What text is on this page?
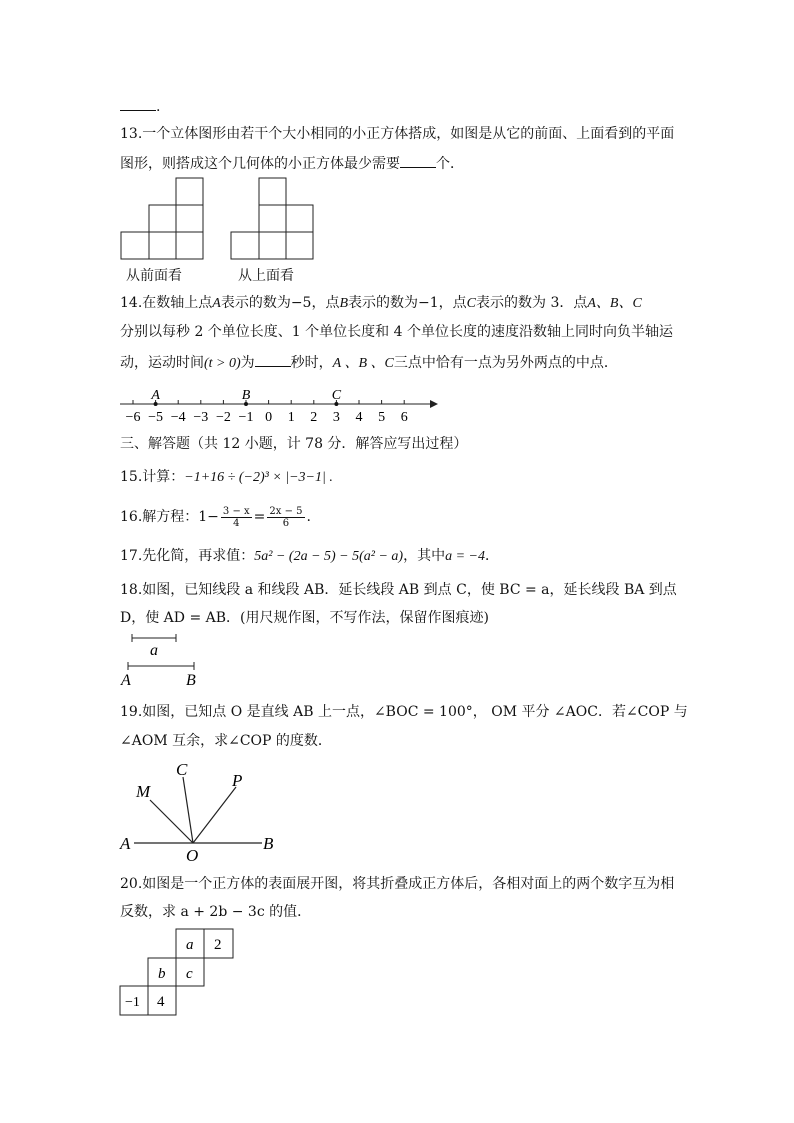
.
13.一个立体图形由若干个大小相同的小正方体搭成，如图是从它的前面、上面看到的平面
图形，则搭成这个几何体的小正方体最少需要	个．
从前面看	从上面看
14.在数轴上点A表示的数为−5，点B表示的数为−1，点C表示的数为 3．点A、B、C
分别以每秒 2 个单位长度、1 个单位长度和 4 个单位长度的速度沿数轴上同时向负半轴运
动，运动时间(t > 0)为	秒时，A 、B 、C三点中恰有一点为另外两点的中点．
−6 −5 −4 −3 −2 −1 0 1 2 3 4 5 6
A	B	C
三、解答题（共 12 小题，计 78 分．解答应写出过程）
15.计算：−1+16 ÷ (−2)³ × |−3−1| .
16.解方程：$1- \frac{3 - x}{4} = \frac{2x - 5}{6}$ .
17.先化简，再求值：5a² − (2a − 5) − 5(a² − a)，其中a = −4．
18.如图，已知线段 a 和线段 AB．延长线段 AB 到点 C，使 BC = a，延长线段 BA 到点
D，使 AD = AB．(用尺规作图，不写作法，保留作图痕迹)
a
A	B
19.如图，已知点 O 是直线 AB 上一点，∠BOC = 100°， OM 平分 ∠AOC．若∠COP 与
∠AOM 互余，求∠COP 的度数．
C
P
M
A
O
B
20.如图是一个正方体的表面展开图，将其折叠成正方体后，各相对面上的两个数字互为相
反数，求 a + 2b − 3c 的值．
a 2
b c
−1 4
